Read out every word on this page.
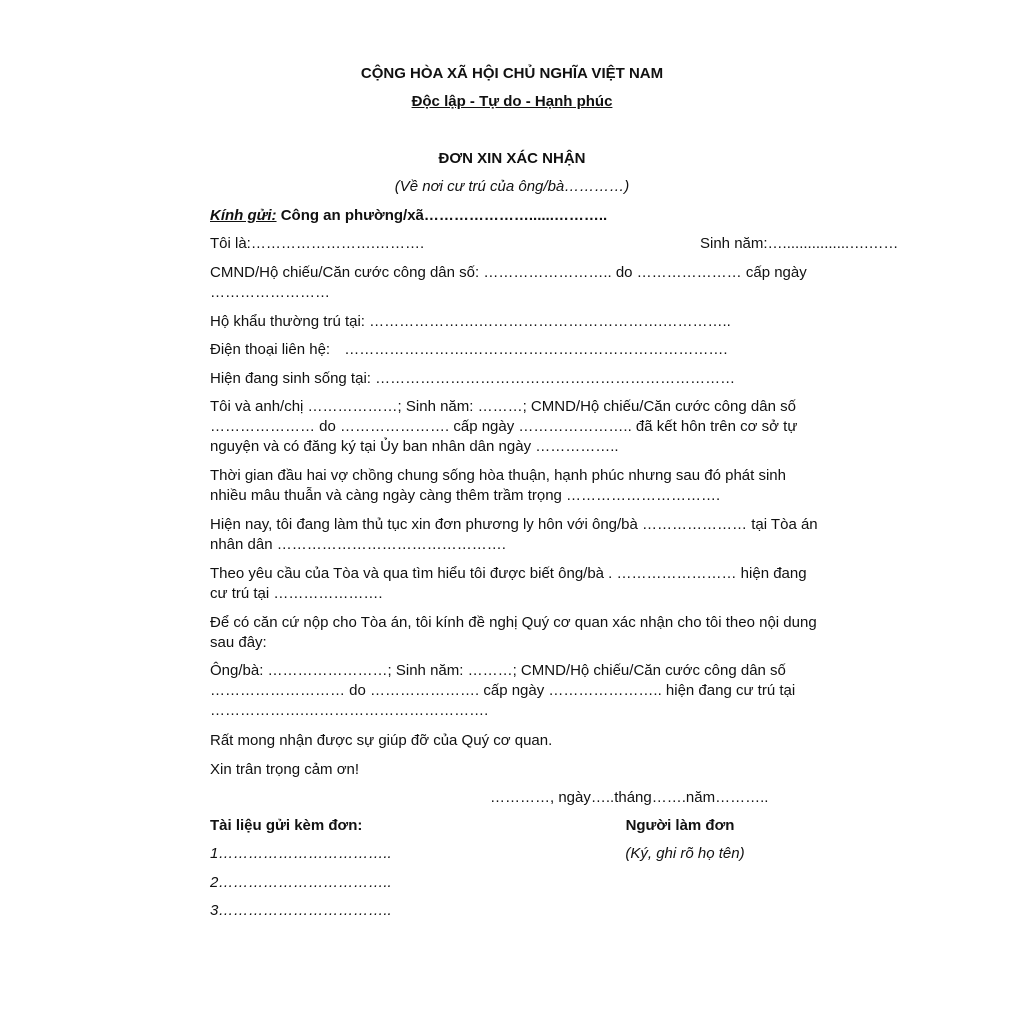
CỘNG HÒA XÃ HỘI CHỦ NGHĨA VIỆT NAM
Độc lập - Tự do - Hạnh phúc
ĐƠN XIN XÁC NHẬN
(Về nơi cư trú của ông/bà…………)
Kính gửi: Công an phường/xã…………………......………..
Tôi là:…………………….……….	Sinh năm:…................….……
CMND/Hộ chiếu/Căn cước công dân số: …………………….. do ………………… cấp ngày ……………………
Hộ khẩu thường trú tại: ………………….……………………………….…………..
Điện thoại liên hệ: …………………….…………………………………………….
Hiện đang sinh sống tại: ………………………………………………………………
Tôi và anh/chị ………………; Sinh năm: ………; CMND/Hộ chiếu/Căn cước công dân số ………………… do …………………. cấp ngày ………………….. đã kết hôn trên cơ sở tự nguyện và có đăng ký tại Ủy ban nhân dân ngày ……………..
Thời gian đầu hai vợ chồng chung sống hòa thuận, hạnh phúc nhưng sau đó phát sinh nhiều mâu thuẫn và càng ngày càng thêm trầm trọng ………………………….
Hiện nay, tôi đang làm thủ tục xin đơn phương ly hôn với ông/bà ………………… tại Tòa án nhân dân ……………………………………….
Theo yêu cầu của Tòa và qua tìm hiểu tôi được biết ông/bà . …………………… hiện đang cư trú tại ………………….
Để có căn cứ nộp cho Tòa án, tôi kính đề nghị Quý cơ quan xác nhận cho tôi theo nội dung sau đây:
Ông/bà: ……………………; Sinh năm: ………; CMND/Hộ chiếu/Căn cước công dân số ……………………… do …………………. cấp ngày ………………….. hiện đang cư trú tại ……………….……………………………….
Rất mong nhận được sự giúp đỡ của Quý cơ quan.
Xin trân trọng cảm ơn!
…………, ngày…..tháng…….năm………..
Tài liệu gửi kèm đơn:	Người làm đơn
1……………………………..	(Ký, ghi rõ họ tên)
2……………………………..
3……………………………..
